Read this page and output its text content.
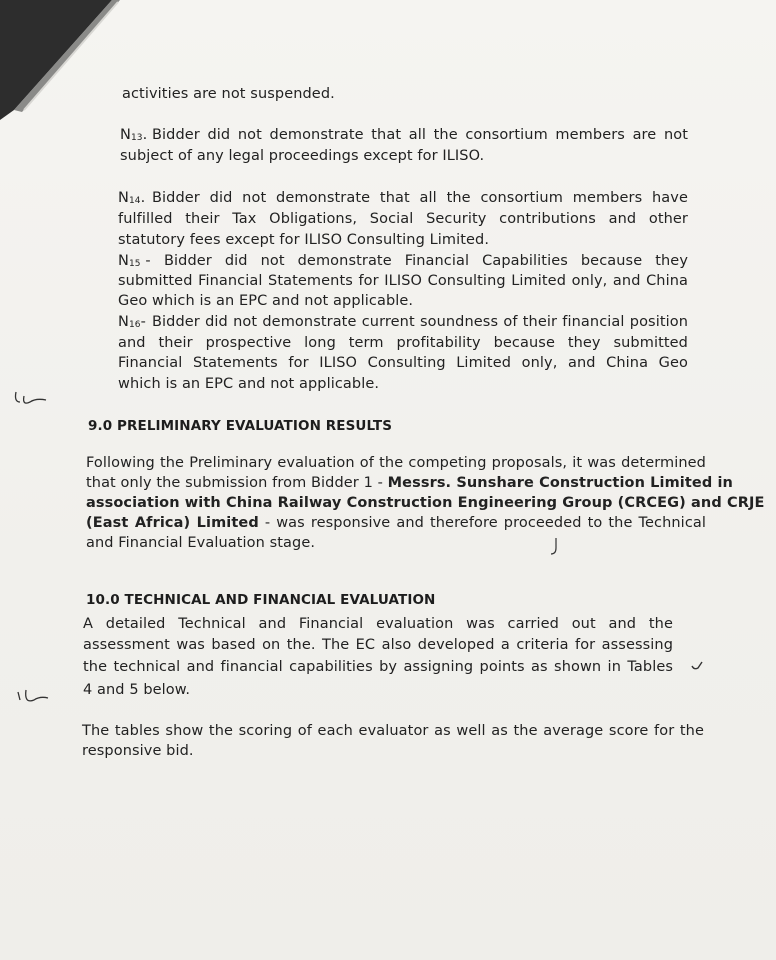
activities are not suspended.
$N_{13}$. Bidder did not demonstrate that all the consortium members are not
subject of any legal proceedings except for ILISO.
$N_{14}$. Bidder did not demonstrate that all the consortium members have
fulfilled their Tax Obligations, Social Security contributions and other
statutory fees except for ILISO Consulting Limited.
$N_{15}$ - Bidder did not demonstrate Financial Capabilities because they
submitted Financial Statements for ILISO Consulting Limited only, and China
Geo which is an EPC and not applicable.
$N_{16}-$ Bidder did not demonstrate current soundness of their financial position
and their prospective long term profitability because they submitted
Financial Statements for ILISO Consulting Limited only, and China Geo
which is an EPC and not applicable.
9.0 PRELIMINARY EVALUATION RESULTS
Following the Preliminary evaluation of the competing proposals, it was determined
that only the submission from Bidder 1 - Messrs. Sunshare Construction Limited in
association with China Railway Construction Engineering Group (CRCEG) and CRJE
(East Africa) Limited - was responsive and therefore proceeded to the Technical
and Financial Evaluation stage.
10.0 TECHNICAL AND FINANCIAL EVALUATION
A detailed Technical and Financial evaluation was carried out and the
assessment was based on the. The EC also developed a criteria for assessing
the technical and financial capabilities by assigning points as shown in Tables
4 and 5 below.
The tables show the scoring of each evaluator as well as the average score for the
responsive bid.
